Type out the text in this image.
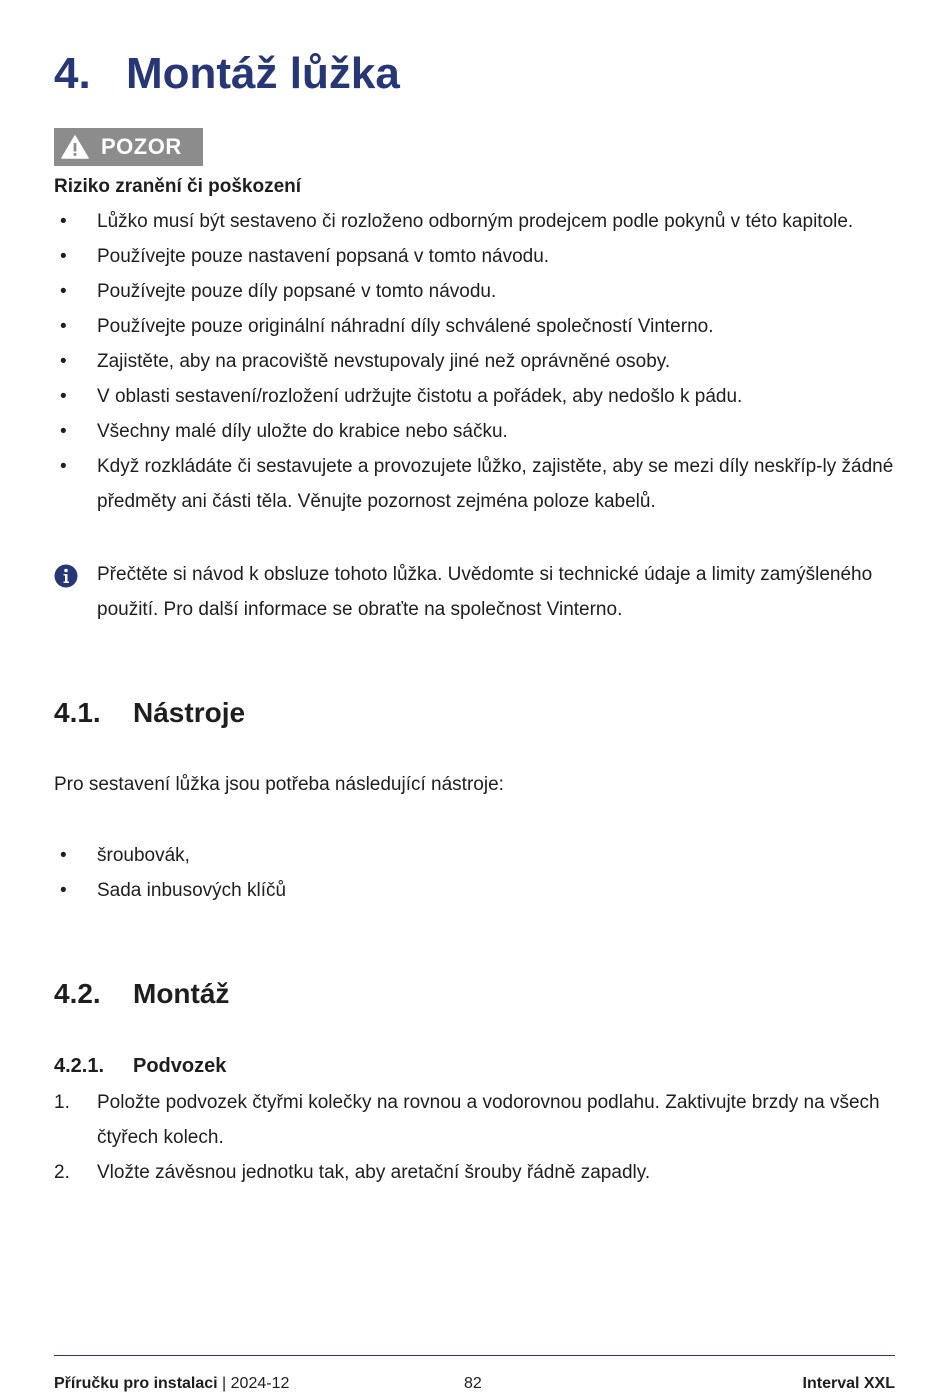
4. Montáž lůžka
POZOR
Riziko zranění či poškození
• Lůžko musí být sestaveno či rozloženo odborným prodejcem podle pokynů v této kapitole.
• Používejte pouze nastavení popsaná v tomto návodu.
• Používejte pouze díly popsané v tomto návodu.
• Používejte pouze originální náhradní díly schválené společností Vinterno.
• Zajistěte, aby na pracoviště nevstupovaly jiné než oprávněné osoby.
• V oblasti sestavení/rozložení udržujte čistotu a pořádek, aby nedošlo k pádu.
• Všechny malé díly uložte do krabice nebo sáčku.
• Když rozkládáte či sestavujete a provozujete lůžko, zajistěte, aby se mezi díly neskříp-ly žádné předměty ani části těla. Věnujte pozornost zejména poloze kabelů.
Přečtěte si návod k obsluze tohoto lůžka. Uvědomte si technické údaje a limity zamýšleného použití. Pro další informace se obraťte na společnost Vinterno.
4.1. Nástroje
Pro sestavení lůžka jsou potřeba následující nástroje:
• šroubovák,
• Sada inbusových klíčů
4.2. Montáž
4.2.1. Podvozek
1. Položte podvozek čtyřmi kolečky na rovnou a vodorovnou podlahu. Zaktivujte brzdy na všech čtyřech kolech.
2. Vložte závěsnou jednotku tak, aby aretační šrouby řádně zapadly.
Příručku pro instalaci | 2024-12	82	Interval XXL
